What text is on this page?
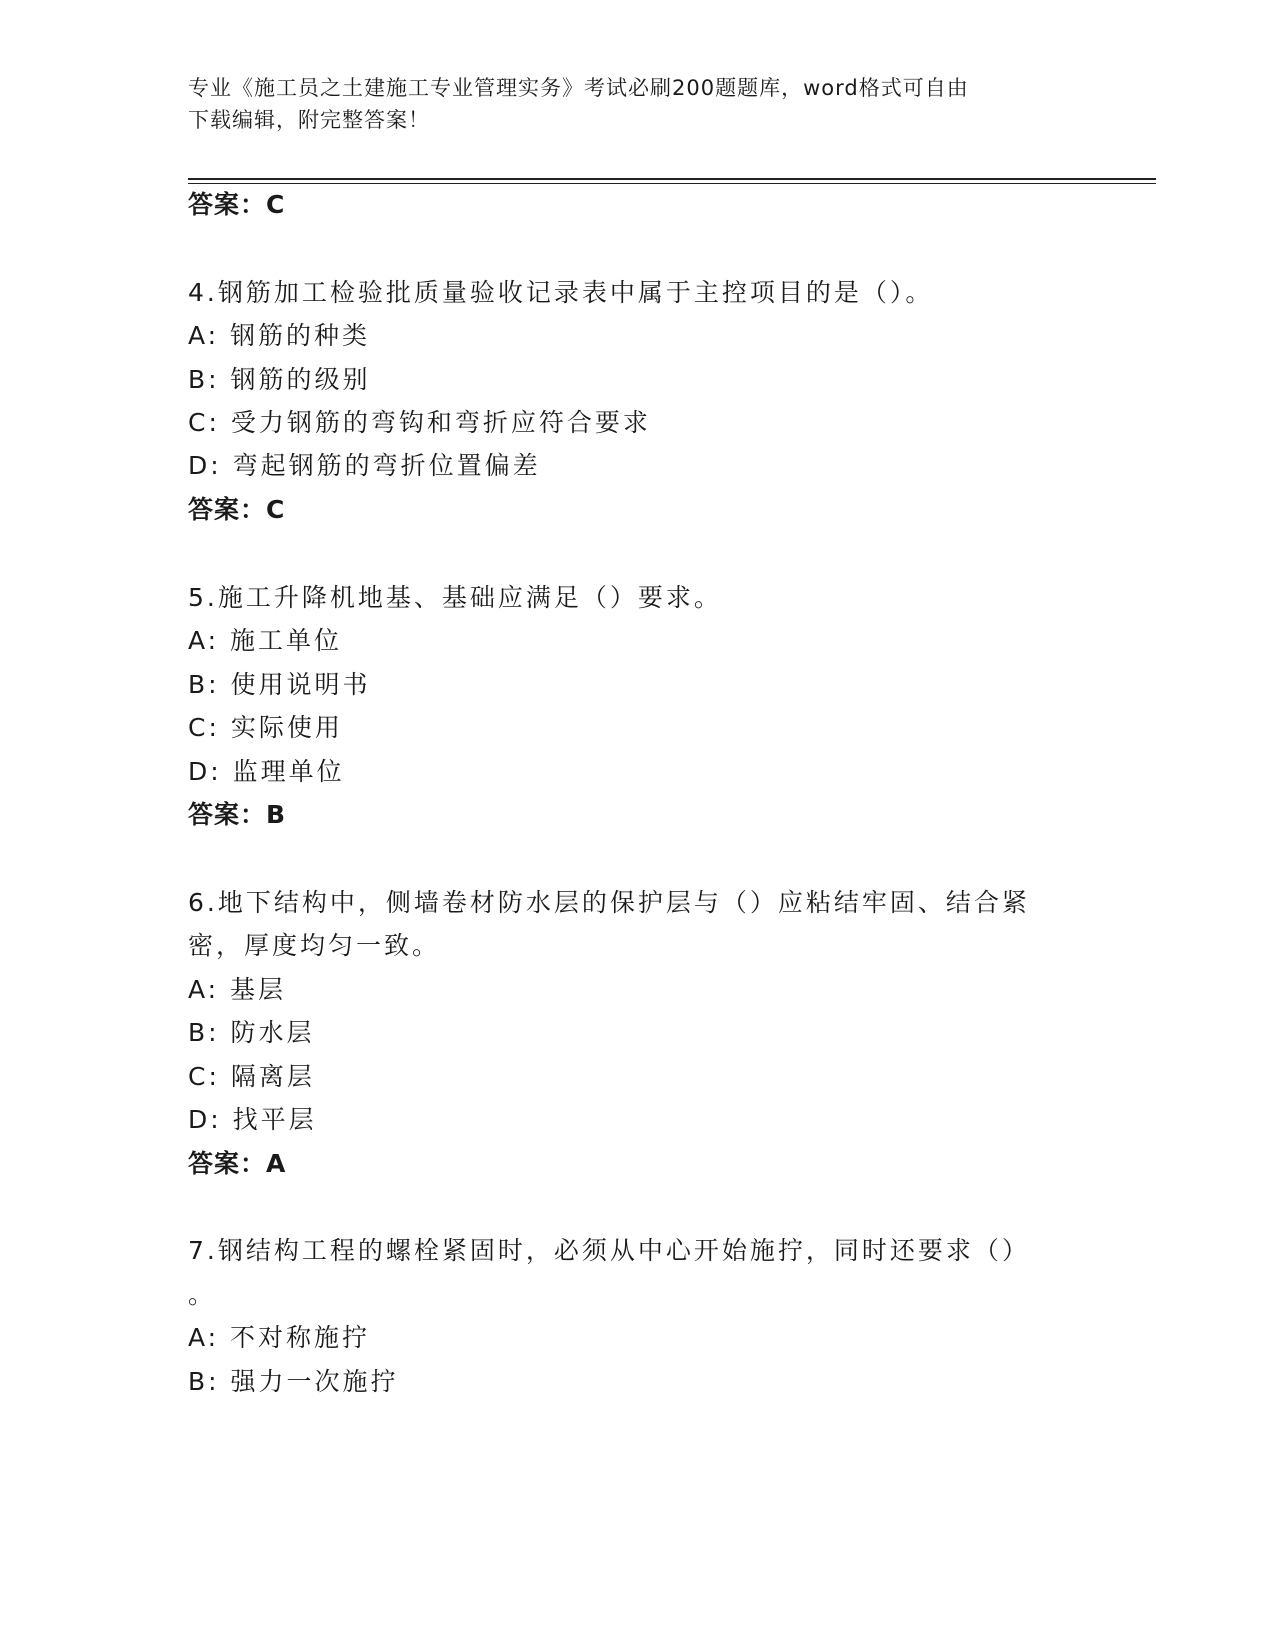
专业《施工员之土建施工专业管理实务》考试必刷200题题库，word格式可自由
下载编辑，附完整答案！
答案：C
4.钢筋加工检验批质量验收记录表中属于主控项目的是（）。
A: 钢筋的种类
B: 钢筋的级别
C: 受力钢筋的弯钩和弯折应符合要求
D: 弯起钢筋的弯折位置偏差
答案：C
5.施工升降机地基、基础应满足（）要求。
A: 施工单位
B: 使用说明书
C: 实际使用
D: 监理单位
答案：B
6.地下结构中，侧墙卷材防水层的保护层与（）应粘结牢固、结合紧
密，厚度均匀一致。
A: 基层
B: 防水层
C: 隔离层
D: 找平层
答案：A
7.钢结构工程的螺栓紧固时，必须从中心开始施拧，同时还要求（）
。
A: 不对称施拧
B: 强力一次施拧
